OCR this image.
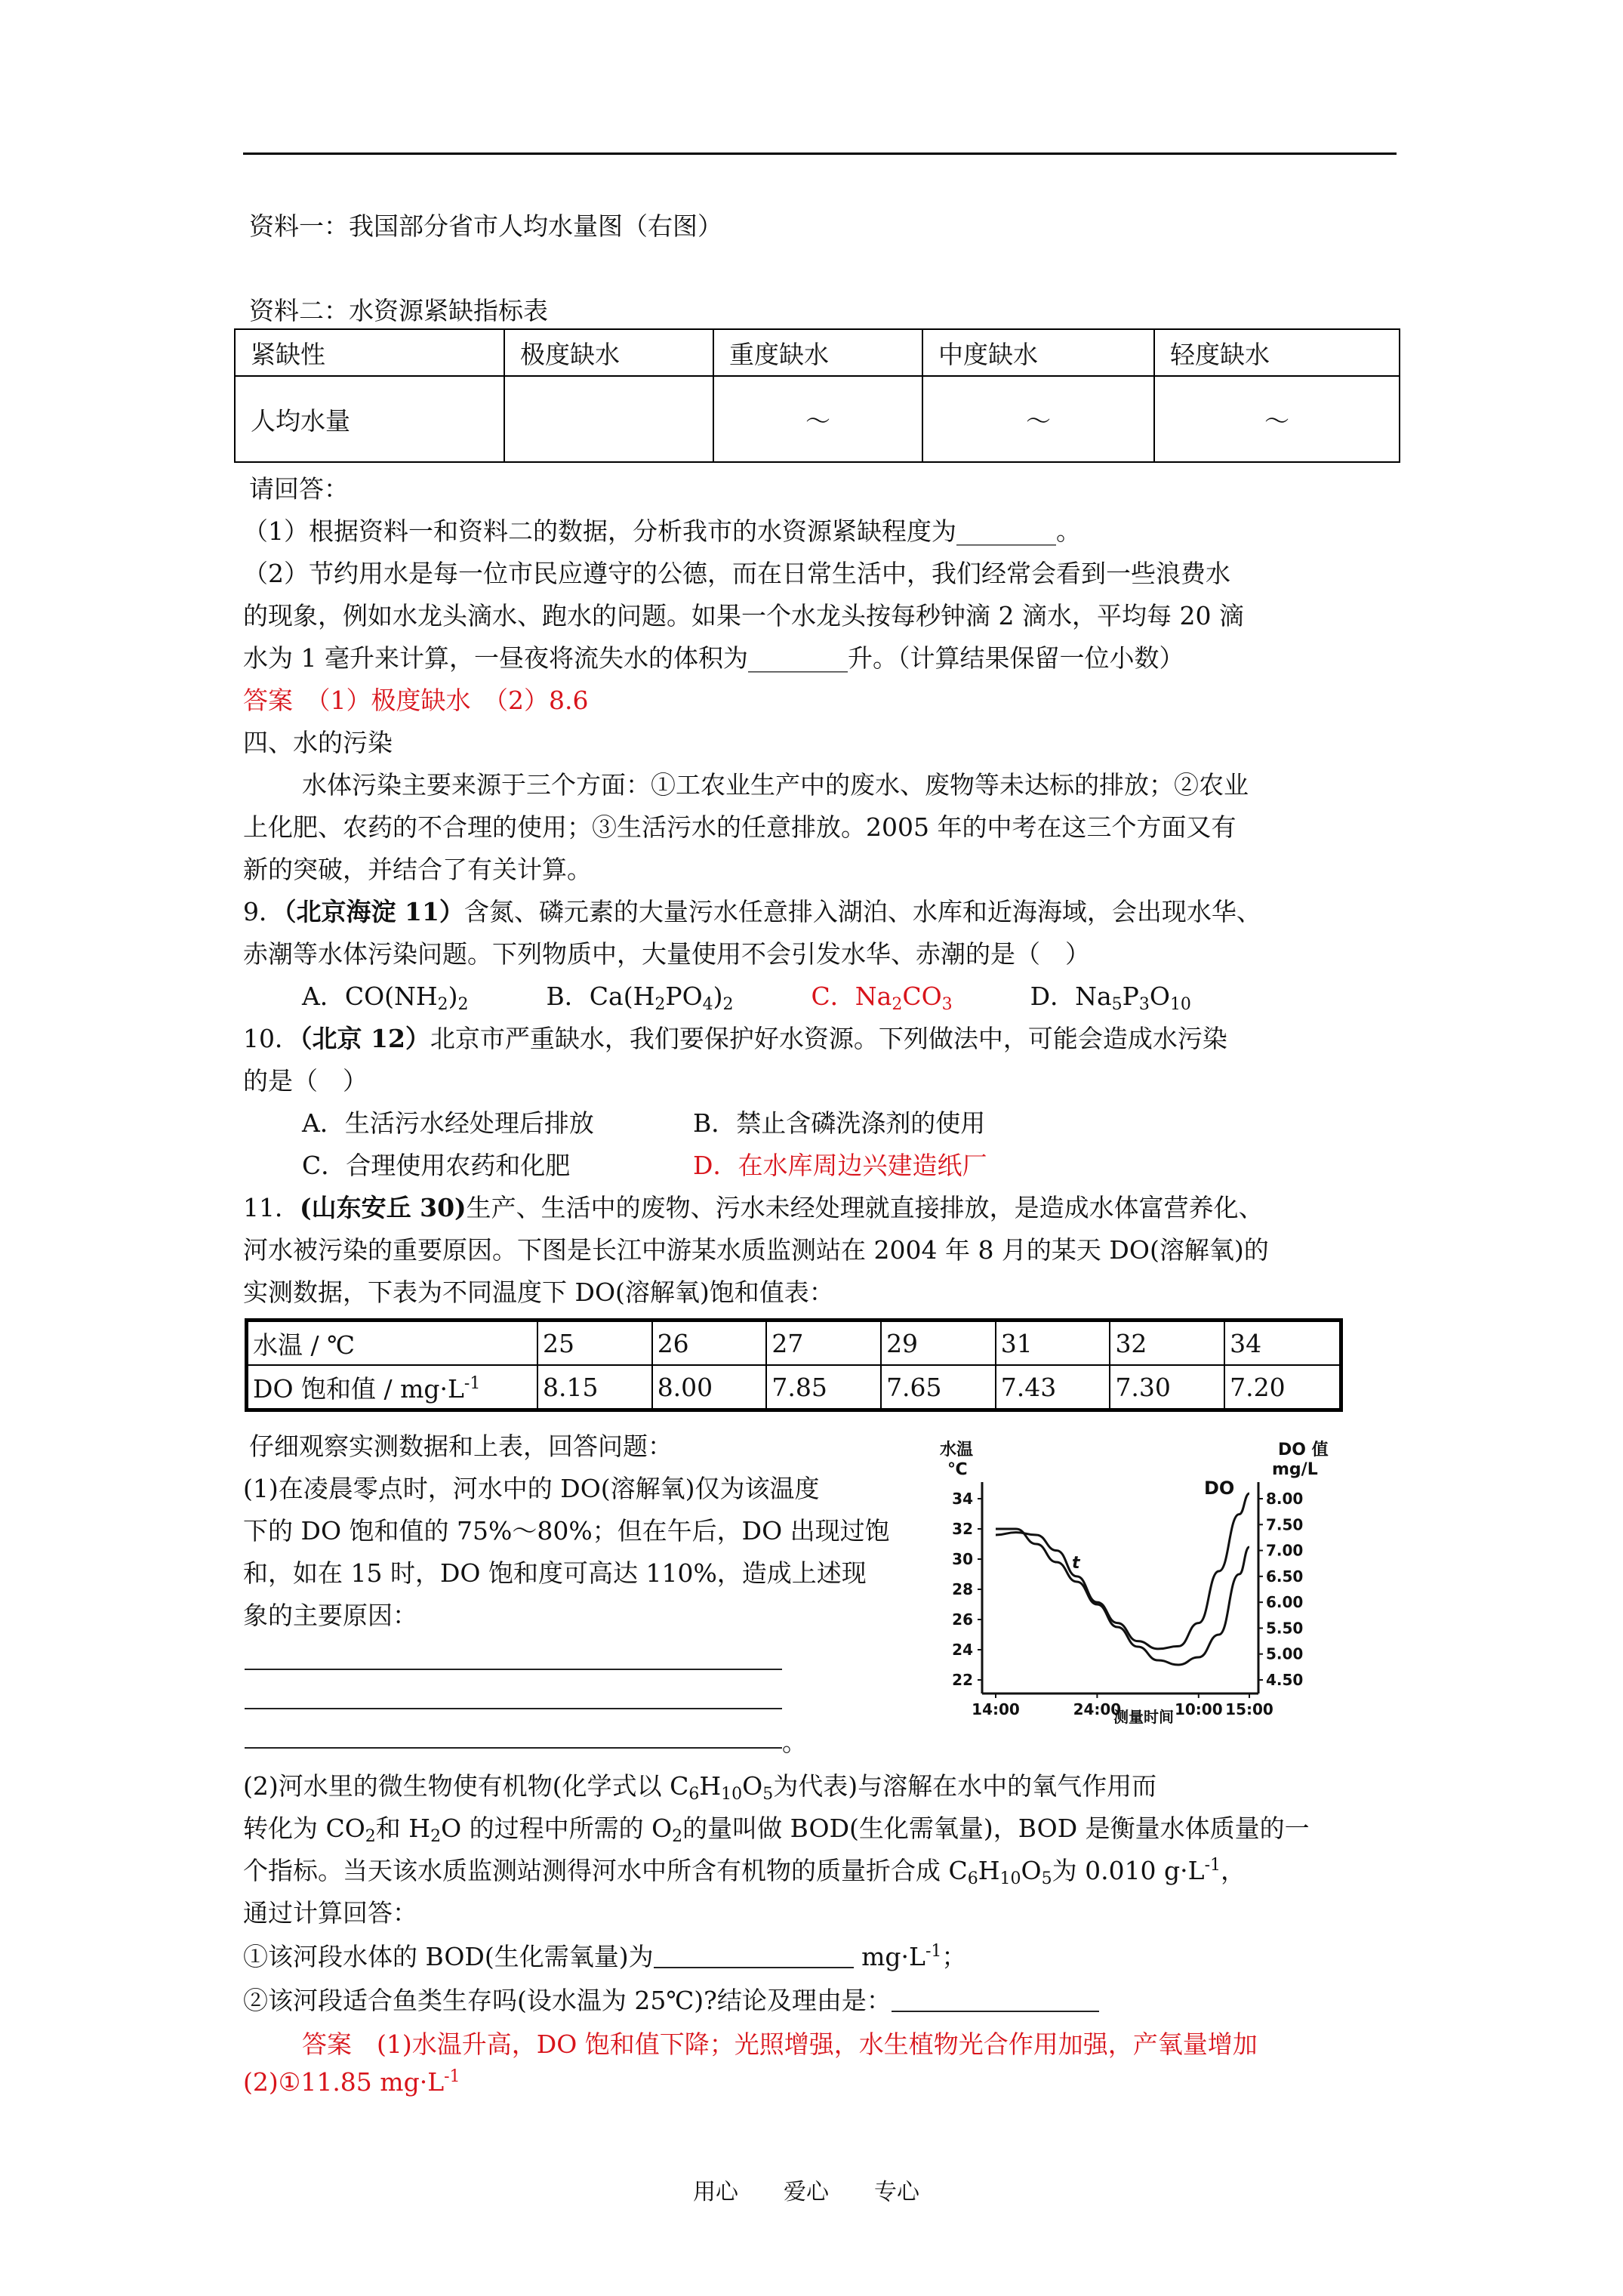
资料一：我国部分省市人均水量图（右图）
资料二：水资源紧缺指标表
紧缺性	极度缺水	重度缺水	中度缺水	轻度缺水
人均水量		～	～	～
请回答：
（1）根据资料一和资料二的数据，分析我市的水资源紧缺程度为________。
（2）节约用水是每一位市民应遵守的公德，而在日常生活中，我们经常会看到一些浪费水
的现象，例如水龙头滴水、跑水的问题。如果一个水龙头按每秒钟滴 2 滴水，平均每 20 滴
水为 1 毫升来计算，一昼夜将流失水的体积为________升。（计算结果保留一位小数）
答案　（1）极度缺水　（2）8.6
四、水的污染
水体污染主要来源于三个方面：①工农业生产中的废水、废物等未达标的排放；②农业
上化肥、农药的不合理的使用；③生活污水的任意排放。2005 年的中考在这三个方面又有
新的突破，并结合了有关计算。
9．（北京海淀 11）含氮、磷元素的大量污水任意排入湖泊、水库和近海海域，会出现水华、
赤潮等水体污染问题。下列物质中，大量使用不会引发水华、赤潮的是（　）
A．$CO(NH_2)_2$	B．$Ca(H_2PO_4)_2$	C．$Na_2CO_3$	D．$Na_5P_3O_{10}$
10．（北京 12）北京市严重缺水，我们要保护好水资源。下列做法中，可能会造成水污染
的是（　）
A．生活污水经处理后排放	B．禁止含磷洗涤剂的使用
C．合理使用农药和化肥	D．在水库周边兴建造纸厂
11．(山东安丘 30)生产、生活中的废物、污水未经处理就直接排放，是造成水体富营养化、
河水被污染的重要原因。下图是长江中游某水质监测站在 2004 年 8 月的某天 DO(溶解氧)的
实测数据，下表为不同温度下 DO(溶解氧)饱和值表：
水温 / ℃	25	26	27	29	31	32	34
DO 饱和值 / $mg\cdot L^{-1}$	8.15	8.00	7.85	7.65	7.43	7.30	7.20
仔细观察实测数据和上表，回答问题：
(1)在凌晨零点时，河水中的 DO(溶解氧)仅为该温度
下的 DO 饱和值的 75%～80%；但在午后，DO 出现过饱
和，如在 15 时，DO 饱和度可高达 110%，造成上述现
象的主要原因：
。
水温
℃
DO 值
mg/L
34
32
30
28
26
24
22
8.00
7.50
7.00
6.50
6.00
5.50
5.00
4.50
14:00	24:00	10:00 15:00
DO
t
测量时间
(2)河水里的微生物使有机物(化学式以 $C_6H_{10}O_5$为代表)与溶解在水中的氧气作用而
转化为 $CO_2$和 $H_2O$ 的过程中所需的 $O_2$的量叫做 BOD(生化需氧量)，BOD 是衡量水体质量的一
个指标。当天该水质监测站测得河水中所含有机物的质量折合成 $C_6H_{10}O_5$为 0.010 $g\cdot L^{-1}$，
通过计算回答：
①该河段水体的 BOD(生化需氧量)为	$mg\cdot L^{-1}$；
②该河段适合鱼类生存吗(设水温为 25℃)?结论及理由是：
答案　(1)水温升高，DO 饱和值下降；光照增强，水生植物光合作用加强，产氧量增加
(2)①11.85 $mg\cdot L^{-1}$
用心　　爱心　　专心
